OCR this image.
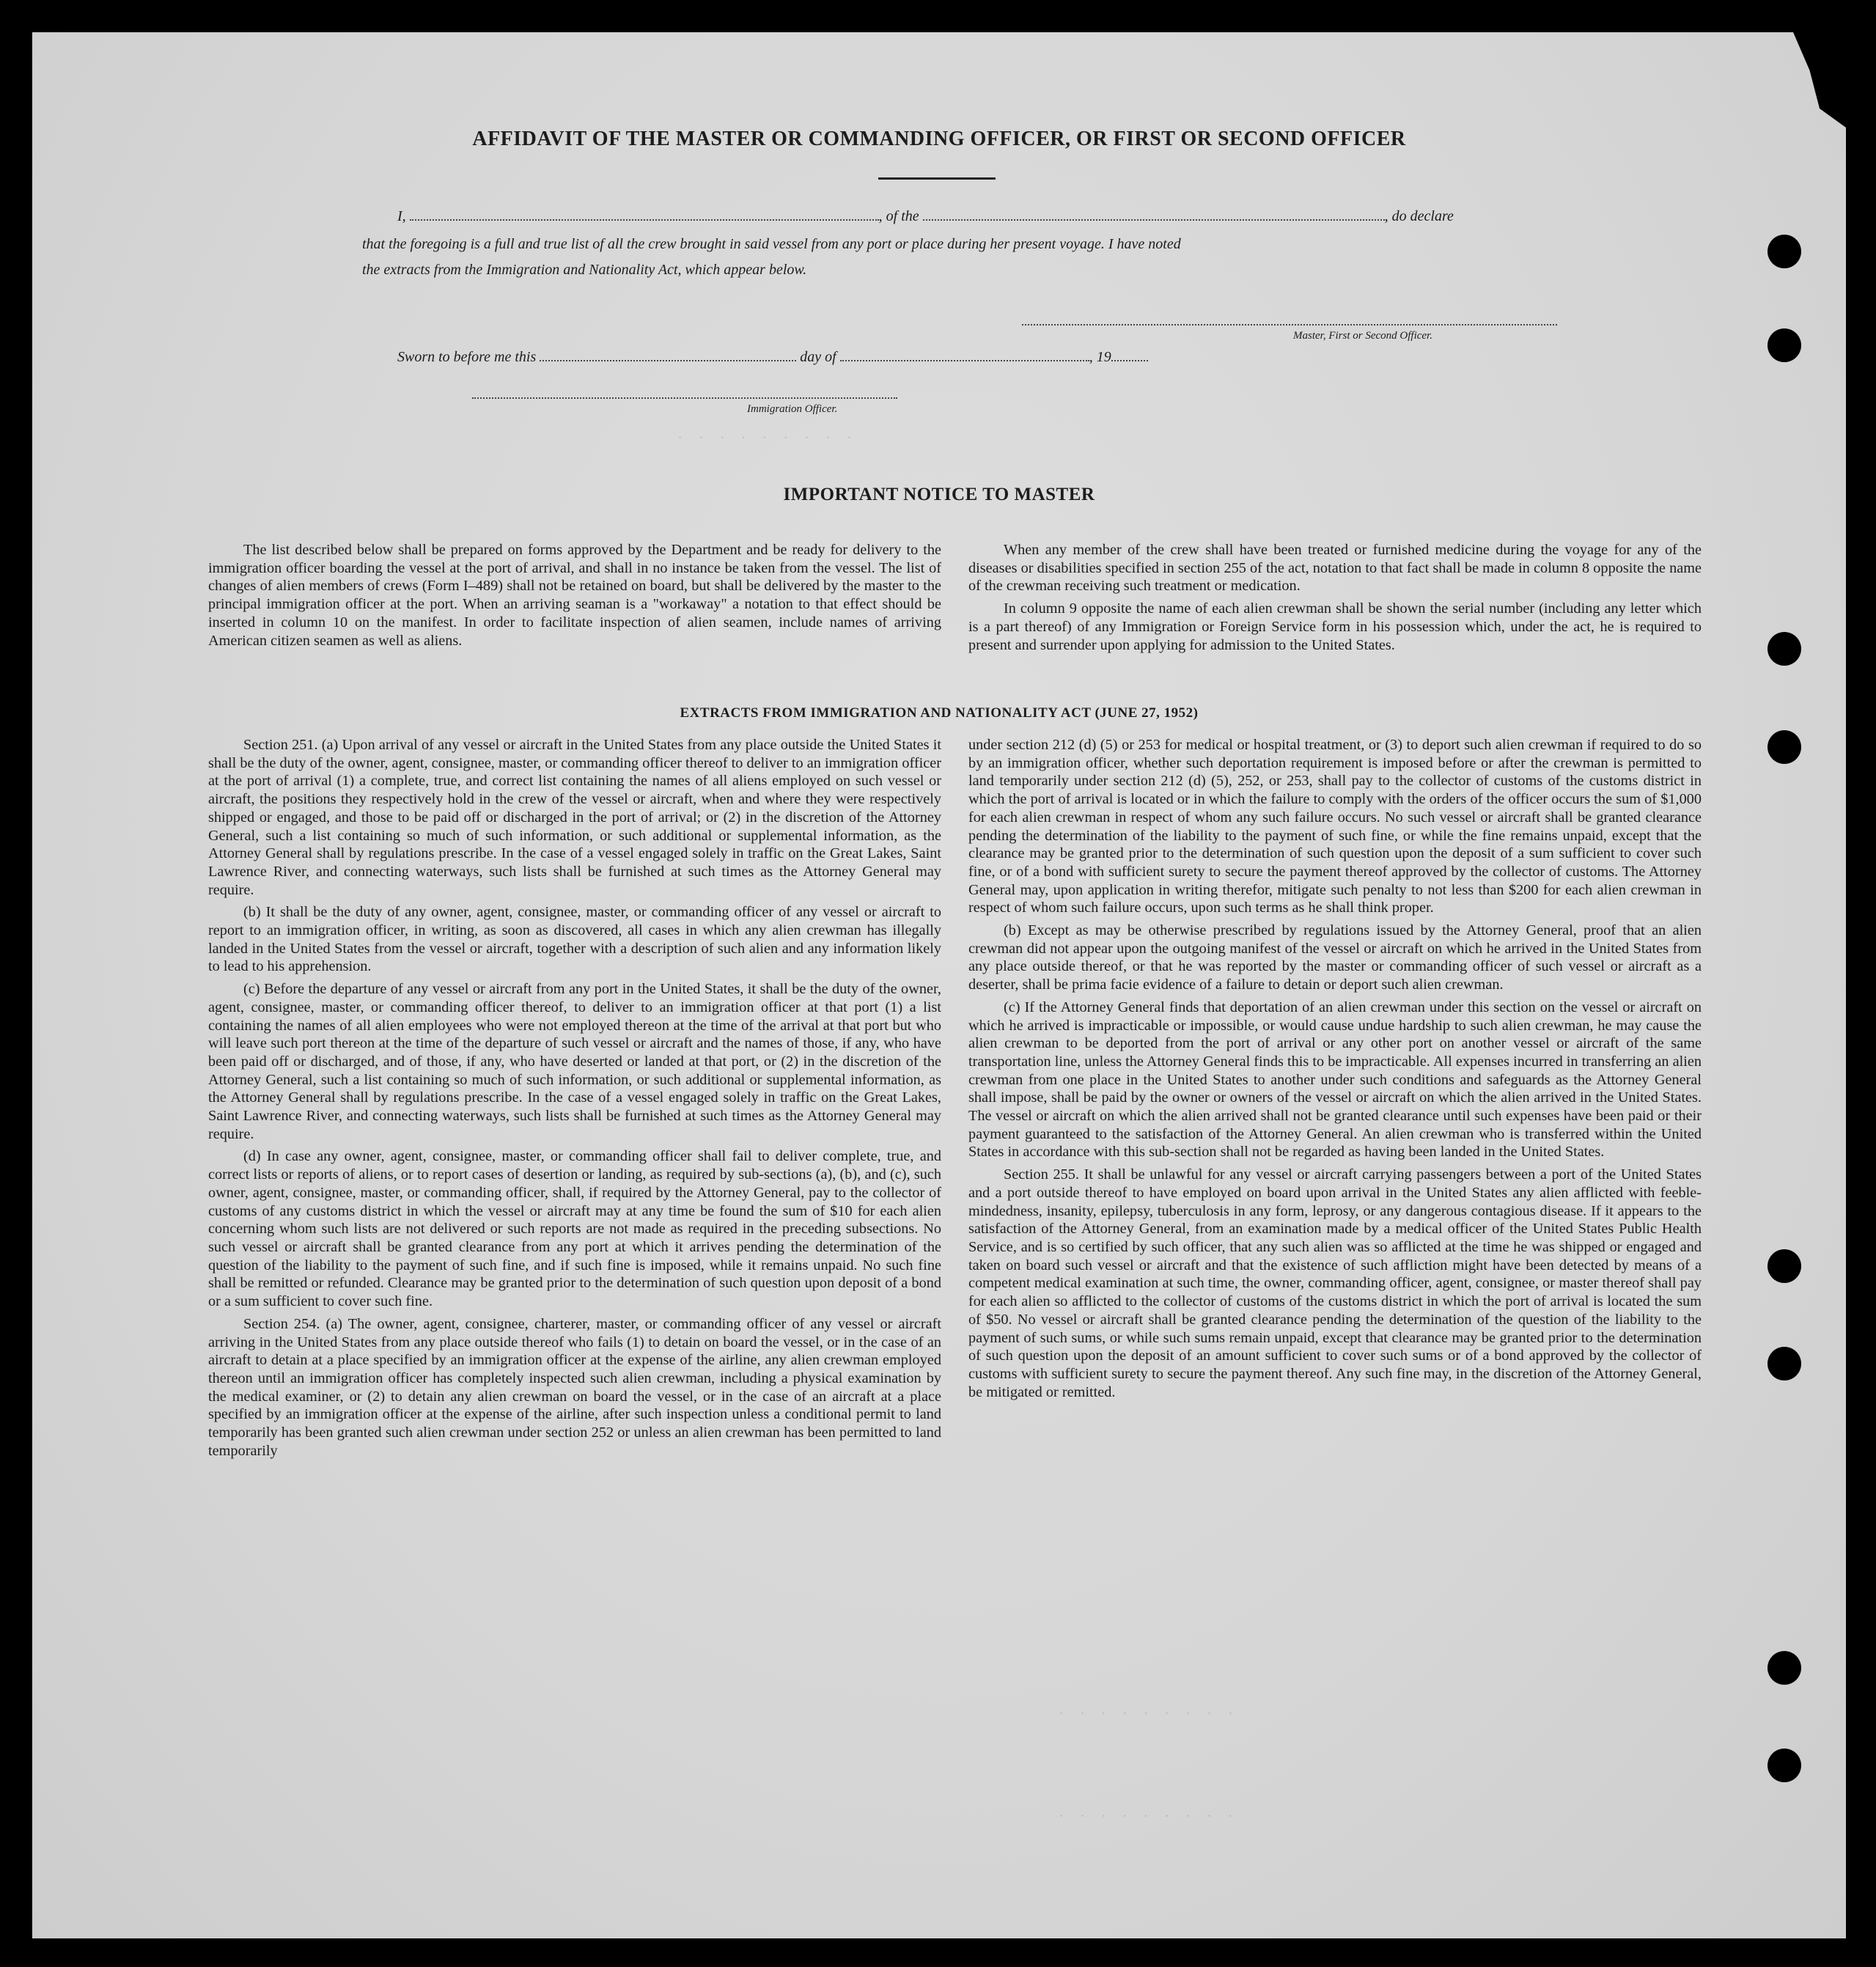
· · · · · · · · ·
· · · · · · · · ·
· · · · · · · · ·
AFFIDAVIT OF THE MASTER OR COMMANDING OFFICER, OR FIRST OR SECOND OFFICER
I,	, of the	, do declare
that the foregoing is a full and true list of all the crew brought in said vessel from any port or place during her present voyage. I have noted
the extracts from the Immigration and Nationality Act, which appear below.
Master, First or Second Officer.
Sworn to before me this	day of	, 19
Immigration Officer.
IMPORTANT NOTICE TO MASTER

The list described below shall be prepared on forms approved by the Department and be ready for delivery to the immigration officer boarding the vessel at the port of arrival, and shall in no instance be taken from the vessel. The list of changes of alien members of crews (Form I–489) shall not be retained on board, but shall be delivered by the master to the principal immigration officer at the port. When an arriving seaman is a "workaway" a notation to that effect should be inserted in column 10 on the manifest. In order to facilitate inspection of alien seamen, include names of arriving American citizen seamen as well as aliens.

When any member of the crew shall have been treated or furnished medicine during the voyage for any of the diseases or disabilities specified in section 255 of the act, notation to that fact shall be made in column 8 opposite the name of the crewman receiving such treatment or medication.

In column 9 opposite the name of each alien crewman shall be shown the serial number (including any letter which is a part thereof) of any Immigration or Foreign Service form in his possession which, under the act, he is required to present and surrender upon applying for admission to the United States.

EXTRACTS FROM IMMIGRATION AND NATIONALITY ACT (JUNE 27, 1952)

Section 251. (a) Upon arrival of any vessel or aircraft in the United States from any place outside the United States it shall be the duty of the owner, agent, consignee, master, or commanding officer thereof to deliver to an immigration officer at the port of arrival (1) a complete, true, and correct list containing the names of all aliens employed on such vessel or aircraft, the positions they respectively hold in the crew of the vessel or aircraft, when and where they were respectively shipped or engaged, and those to be paid off or discharged in the port of arrival; or (2) in the discretion of the Attorney General, such a list containing so much of such information, or such additional or supplemental information, as the Attorney General shall by regulations prescribe. In the case of a vessel engaged solely in traffic on the Great Lakes, Saint Lawrence River, and connecting waterways, such lists shall be furnished at such times as the Attorney General may require.

(b) It shall be the duty of any owner, agent, consignee, master, or commanding officer of any vessel or aircraft to report to an immigration officer, in writing, as soon as discovered, all cases in which any alien crewman has illegally landed in the United States from the vessel or aircraft, together with a description of such alien and any information likely to lead to his apprehension.

(c) Before the departure of any vessel or aircraft from any port in the United States, it shall be the duty of the owner, agent, consignee, master, or commanding officer thereof, to deliver to an immigration officer at that port (1) a list containing the names of all alien employees who were not employed thereon at the time of the arrival at that port but who will leave such port thereon at the time of the departure of such vessel or aircraft and the names of those, if any, who have been paid off or discharged, and of those, if any, who have deserted or landed at that port, or (2) in the discretion of the Attorney General, such a list containing so much of such information, or such additional or supplemental information, as the Attorney General shall by regulations prescribe. In the case of a vessel engaged solely in traffic on the Great Lakes, Saint Lawrence River, and connecting waterways, such lists shall be furnished at such times as the Attorney General may require.

(d) In case any owner, agent, consignee, master, or commanding officer shall fail to deliver complete, true, and correct lists or reports of aliens, or to report cases of desertion or landing, as required by sub-sections (a), (b), and (c), such owner, agent, consignee, master, or commanding officer, shall, if required by the Attorney General, pay to the collector of customs of any customs district in which the vessel or aircraft may at any time be found the sum of $10 for each alien concerning whom such lists are not delivered or such reports are not made as required in the preceding subsections. No such vessel or aircraft shall be granted clearance from any port at which it arrives pending the determination of the question of the liability to the payment of such fine, and if such fine is imposed, while it remains unpaid. No such fine shall be remitted or refunded. Clearance may be granted prior to the determination of such question upon deposit of a bond or a sum sufficient to cover such fine.

Section 254. (a) The owner, agent, consignee, charterer, master, or commanding officer of any vessel or aircraft arriving in the United States from any place outside thereof who fails (1) to detain on board the vessel, or in the case of an aircraft to detain at a place specified by an immigration officer at the expense of the airline, any alien crewman employed thereon until an immigration officer has completely inspected such alien crewman, including a physical examination by the medical examiner, or (2) to detain any alien crewman on board the vessel, or in the case of an aircraft at a place specified by an immigration officer at the expense of the airline, after such inspection unless a conditional permit to land temporarily has been granted such alien crewman under section 252 or unless an alien crewman has been permitted to land temporarily

under section 212 (d) (5) or 253 for medical or hospital treatment, or (3) to deport such alien crewman if required to do so by an immigration officer, whether such deportation requirement is imposed before or after the crewman is permitted to land temporarily under section 212 (d) (5), 252, or 253, shall pay to the collector of customs of the customs district in which the port of arrival is located or in which the failure to comply with the orders of the officer occurs the sum of $1,000 for each alien crewman in respect of whom any such failure occurs. No such vessel or aircraft shall be granted clearance pending the determination of the liability to the payment of such fine, or while the fine remains unpaid, except that the clearance may be granted prior to the determination of such question upon the deposit of a sum sufficient to cover such fine, or of a bond with sufficient surety to secure the payment thereof approved by the collector of customs. The Attorney General may, upon application in writing therefor, mitigate such penalty to not less than $200 for each alien crewman in respect of whom such failure occurs, upon such terms as he shall think proper.

(b) Except as may be otherwise prescribed by regulations issued by the Attorney General, proof that an alien crewman did not appear upon the outgoing manifest of the vessel or aircraft on which he arrived in the United States from any place outside thereof, or that he was reported by the master or commanding officer of such vessel or aircraft as a deserter, shall be prima facie evidence of a failure to detain or deport such alien crewman.

(c) If the Attorney General finds that deportation of an alien crewman under this section on the vessel or aircraft on which he arrived is impracticable or impossible, or would cause undue hardship to such alien crewman, he may cause the alien crewman to be deported from the port of arrival or any other port on another vessel or aircraft of the same transportation line, unless the Attorney General finds this to be impracticable. All expenses incurred in transferring an alien crewman from one place in the United States to another under such conditions and safeguards as the Attorney General shall impose, shall be paid by the owner or owners of the vessel or aircraft on which the alien arrived in the United States. The vessel or aircraft on which the alien arrived shall not be granted clearance until such expenses have been paid or their payment guaranteed to the satisfaction of the Attorney General. An alien crewman who is transferred within the United States in accordance with this sub-section shall not be regarded as having been landed in the United States.

Section 255. It shall be unlawful for any vessel or aircraft carrying passengers between a port of the United States and a port outside thereof to have employed on board upon arrival in the United States any alien afflicted with feeble-mindedness, insanity, epilepsy, tuberculosis in any form, leprosy, or any dangerous contagious disease. If it appears to the satisfaction of the Attorney General, from an examination made by a medical officer of the United States Public Health Service, and is so certified by such officer, that any such alien was so afflicted at the time he was shipped or engaged and taken on board such vessel or aircraft and that the existence of such affliction might have been detected by means of a competent medical examination at such time, the owner, commanding officer, agent, consignee, or master thereof shall pay for each alien so afflicted to the collector of customs of the customs district in which the port of arrival is located the sum of $50. No vessel or aircraft shall be granted clearance pending the determination of the question of the liability to the payment of such sums, or while such sums remain unpaid, except that clearance may be granted prior to the determination of such question upon the deposit of an amount sufficient to cover such sums or of a bond approved by the collector of customs with sufficient surety to secure the payment thereof. Any such fine may, in the discretion of the Attorney General, be mitigated or remitted.
